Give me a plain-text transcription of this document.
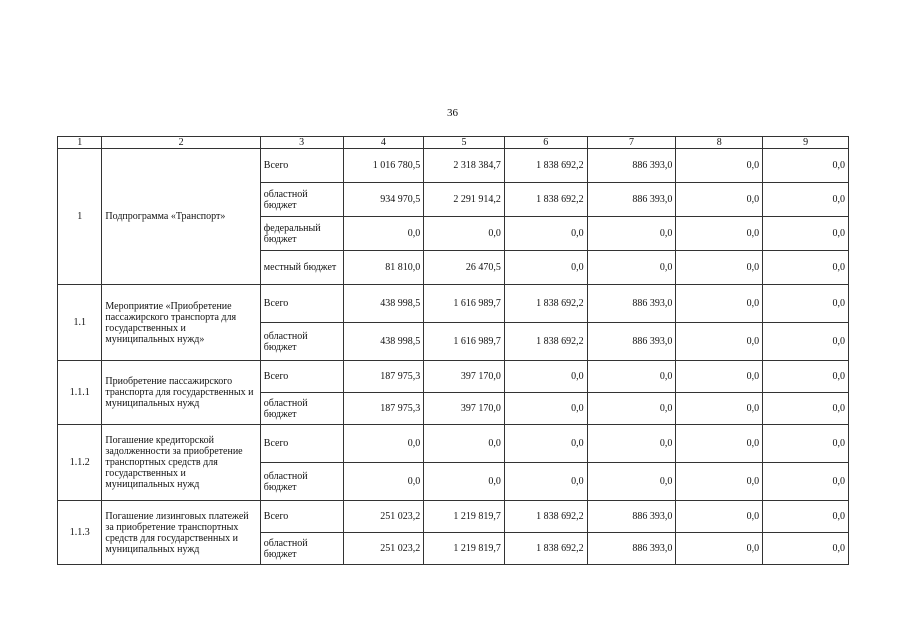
36
1	2	3	4	5	6	7	8	9
1	Подпрограмма «Транспорт»	Всего	1 016 780,5	2 318 384,7	1 838 692,2	886 393,0	0,0	0,0
		областной бюджет	934 970,5	2 291 914,2	1 838 692,2	886 393,0	0,0	0,0
		федеральный бюджет	0,0	0,0	0,0	0,0	0,0	0,0
		местный бюджет	81 810,0	26 470,5	0,0	0,0	0,0	0,0
1.1	Мероприятие «Приобретение пассажирского транспорта для государственных и муниципальных нужд»	Всего	438 998,5	1 616 989,7	1 838 692,2	886 393,0	0,0	0,0
		областной бюджет	438 998,5	1 616 989,7	1 838 692,2	886 393,0	0,0	0,0
1.1.1	Приобретение пассажирского транспорта для государственных и муниципальных нужд	Всего	187 975,3	397 170,0	0,0	0,0	0,0	0,0
		областной бюджет	187 975,3	397 170,0	0,0	0,0	0,0	0,0
1.1.2	Погашение кредиторской задолженности за приобретение транспортных средств для государственных и муниципальных нужд	Всего	0,0	0,0	0,0	0,0	0,0	0,0
		областной бюджет	0,0	0,0	0,0	0,0	0,0	0,0
1.1.3	Погашение лизинговых платежей за приобретение транспортных средств для государственных и муниципальных нужд	Всего	251 023,2	1 219 819,7	1 838 692,2	886 393,0	0,0	0,0
		областной бюджет	251 023,2	1 219 819,7	1 838 692,2	886 393,0	0,0	0,0
